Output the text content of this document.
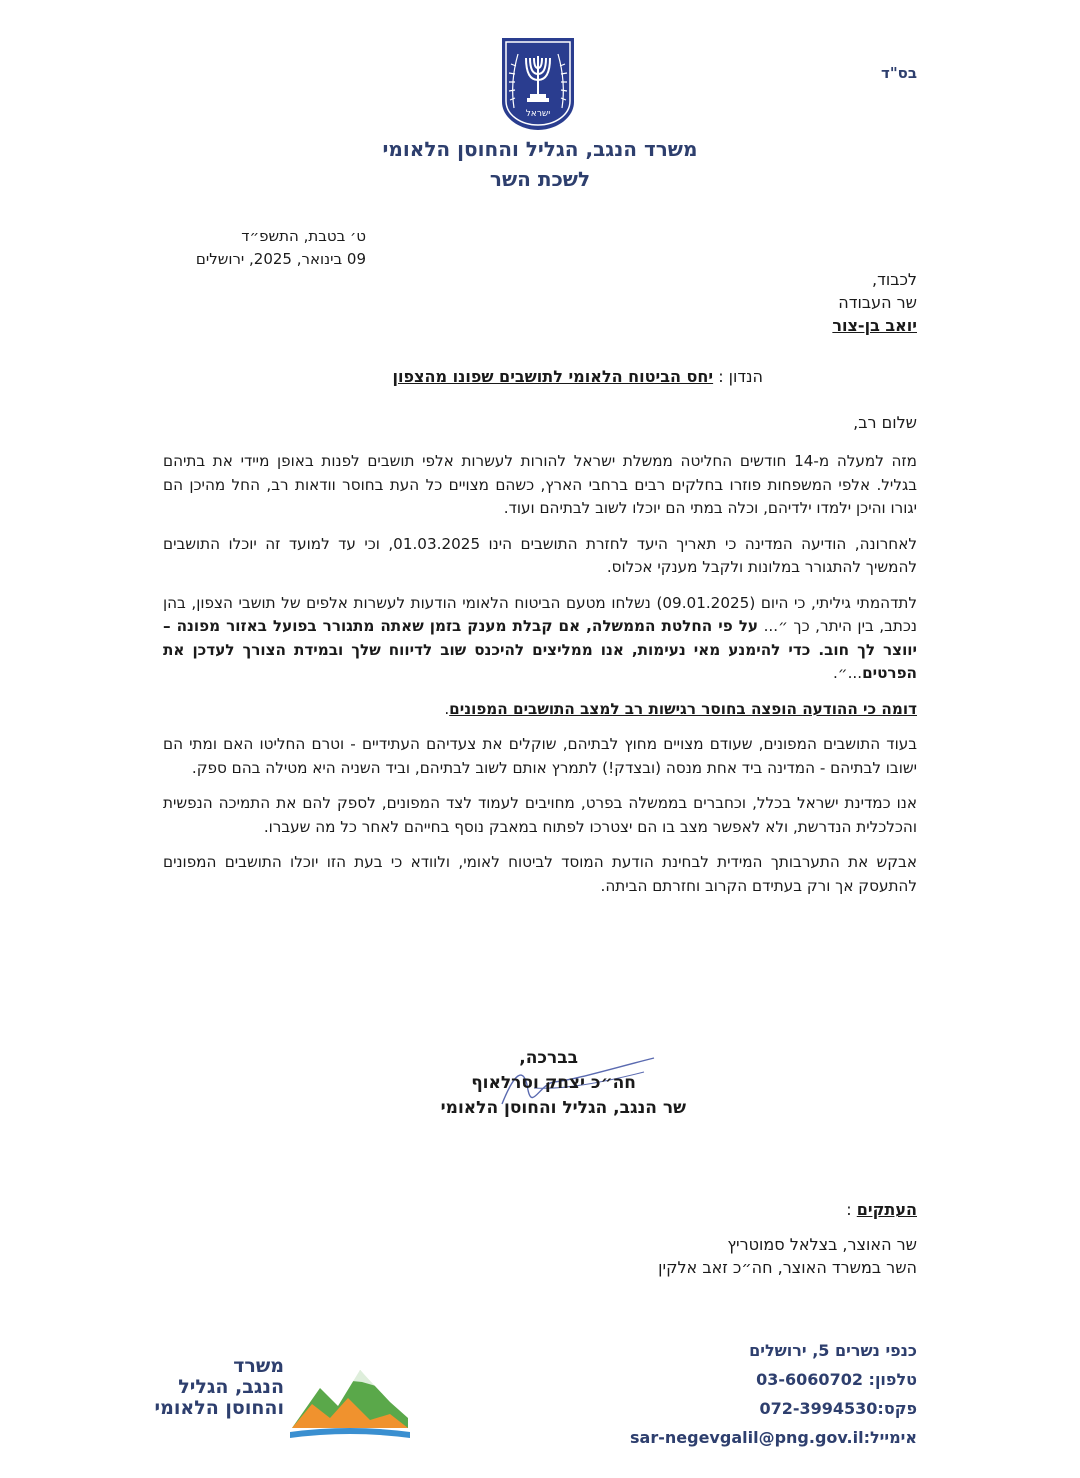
בס"ד
ישראל
משרד הנגב, הגליל והחוסן הלאומי
לשכת השר
ט׳ בטבת, התשפ״ד
09 בינואר, 2025, ירושלים
לכבוד,
שר העבודה
יואב בן-צור
הנדון : יחס הביטוח הלאומי לתושבים שפונו מהצפון
שלום רב,

מזה למעלה מ-14 חודשים החליטה ממשלת ישראל להורות לעשרות אלפי תושבים לפנות באופן מיידי את בתיהם בגליל. אלפי המשפחות פוזרו בחלקים רבים ברחבי הארץ, כשהם מצויים כל העת בחוסר וודאות רב, החל מהיכן הם יגורו והיכן ילמדו ילדיהם, וכלה במתי הם יוכלו לשוב לבתיהם ועוד.

לאחרונה, הודיעה המדינה כי תאריך היעד לחזרת התושבים הינו 01.03.2025, וכי עד למועד זה יוכלו התושבים להמשיך להתגורר במלונות ולקבל מענקי אכלוס.

לתדהמתי גיליתי, כי היום (09.01.2025) נשלחו מטעם הביטוח הלאומי הודעות לעשרות אלפים של תושבי הצפון, בהן נכתב, בין היתר, כך ״... על פי החלטת הממשלה, אם קבלת מענק בזמן שאתה מתגורר בפועל באזור מפונה – יווצר לך חוב. כדי להימנע מאי נעימות, אנו ממליצים להיכנס שוב לדיווח שלך ובמידת הצורך לעדכן את הפרטים...״.

דומה כי ההודעה הופצה בחוסר רגישות רב למצב התושבים המפונים.

בעוד התושבים המפונים, שעודם מצויים מחוץ לבתיהם, שוקלים את צעדיהם העתידיים - וטרם החליטו האם ומתי הם ישובו לבתיהם - המדינה ביד אחת מנסה (ובצדק!) לתמרץ אותם לשוב לבתיהם, וביד השניה היא מטילה בהם ספק.

אנו כמדינת ישראל בכלל, וכחברים בממשלה בפרט, מחויבים לעמוד לצד המפונים, לספק להם את התמיכה הנפשית והכלכלית הנדרשת, ולא לאפשר מצב בו הם יצטרכו לפתוח במאבק נוסף בחייהם לאחר כל מה שעברו.

אבקש את התערבותך המידית לבחינת הודעת המוסד לביטוח לאומי, ולוודא כי בעת הזו יוכלו התושבים המפונים להתעסק אך ורק בעתידם הקרוב וחזרתם הביתה.

בברכה,
חה״כ יצחק וסרלאוף
שר הנגב, הגליל והחוסן הלאומי
העתקים :
שר האוצר, בצלאל סמוטריץ
השר במשרד האוצר, חה״כ זאב אלקין
כנפי נשרים 5, ירושלים
טלפון: 03-6060702
פקס:072-3994530
אימייל:sar-negevgalil@png.gov.il
משרד
הנגב, הגליל
והחוסן הלאומי
